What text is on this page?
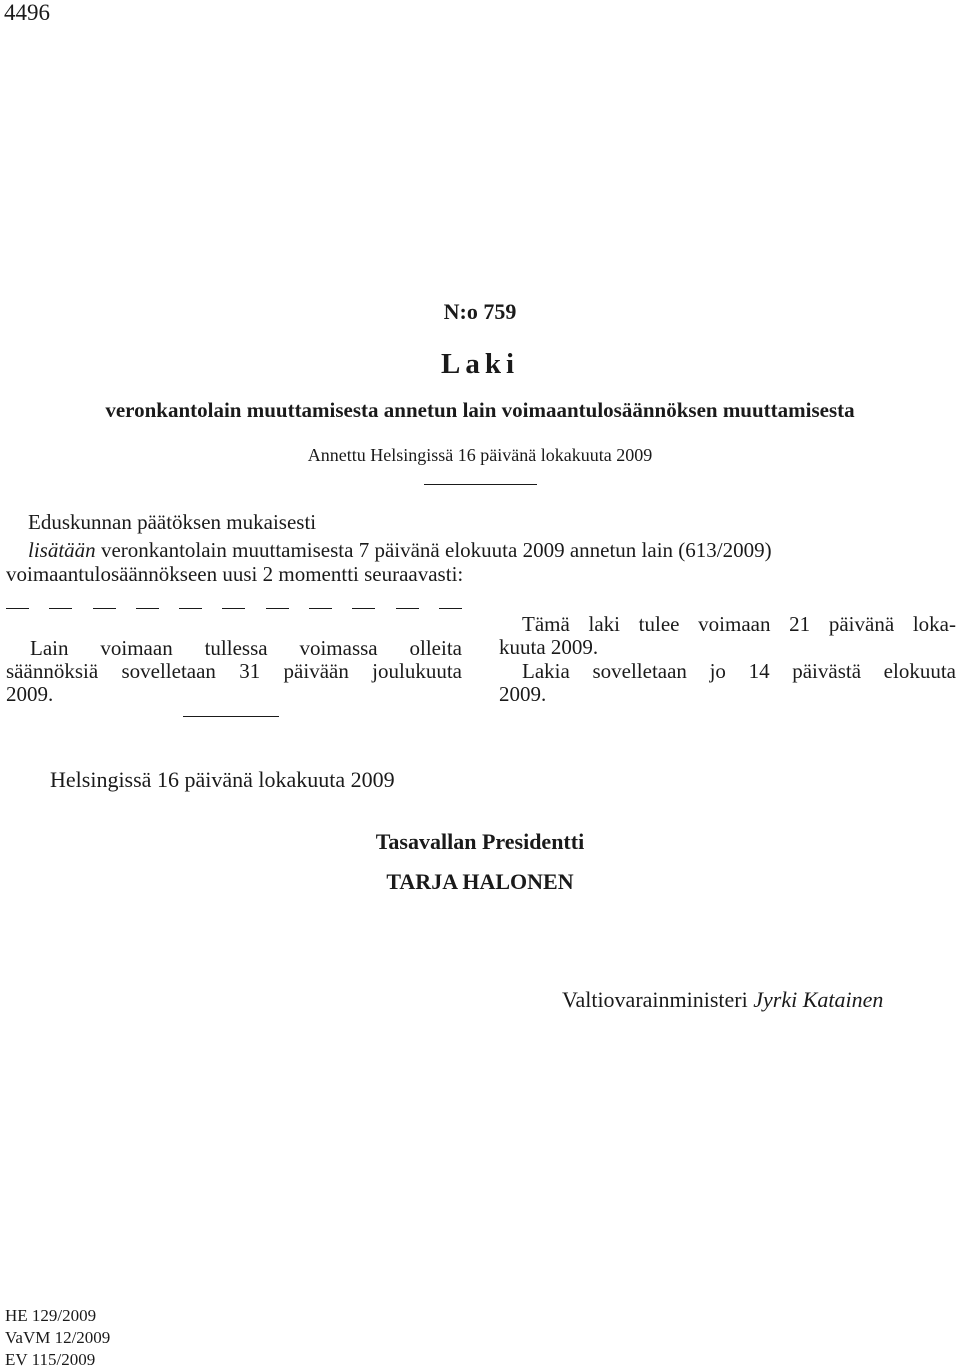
4496
N:o 759
Laki
veronkantolain muuttamisesta annetun lain voimaantulosäännöksen muuttamisesta
Annettu Helsingissä 16 päivänä lokakuuta 2009
Eduskunnan päätöksen mukaisesti
lisätään veronkantolain muuttamisesta 7 päivänä elokuuta 2009 annetun lain (613/2009)
voimaantulosäännökseen uusi 2 momentti seuraavasti:
Lain voimaan tullessa voimassa olleita
säännöksiä sovelletaan 31 päivään joulukuuta
2009.
Tämä laki tulee voimaan 21 päivänä loka-
kuuta 2009.
Lakia sovelletaan jo 14 päivästä elokuuta
2009.
Helsingissä 16 päivänä lokakuuta 2009
Tasavallan Presidentti
TARJA HALONEN
Valtiovarainministeri Jyrki Katainen
HE 129/2009
VaVM 12/2009
EV 115/2009
